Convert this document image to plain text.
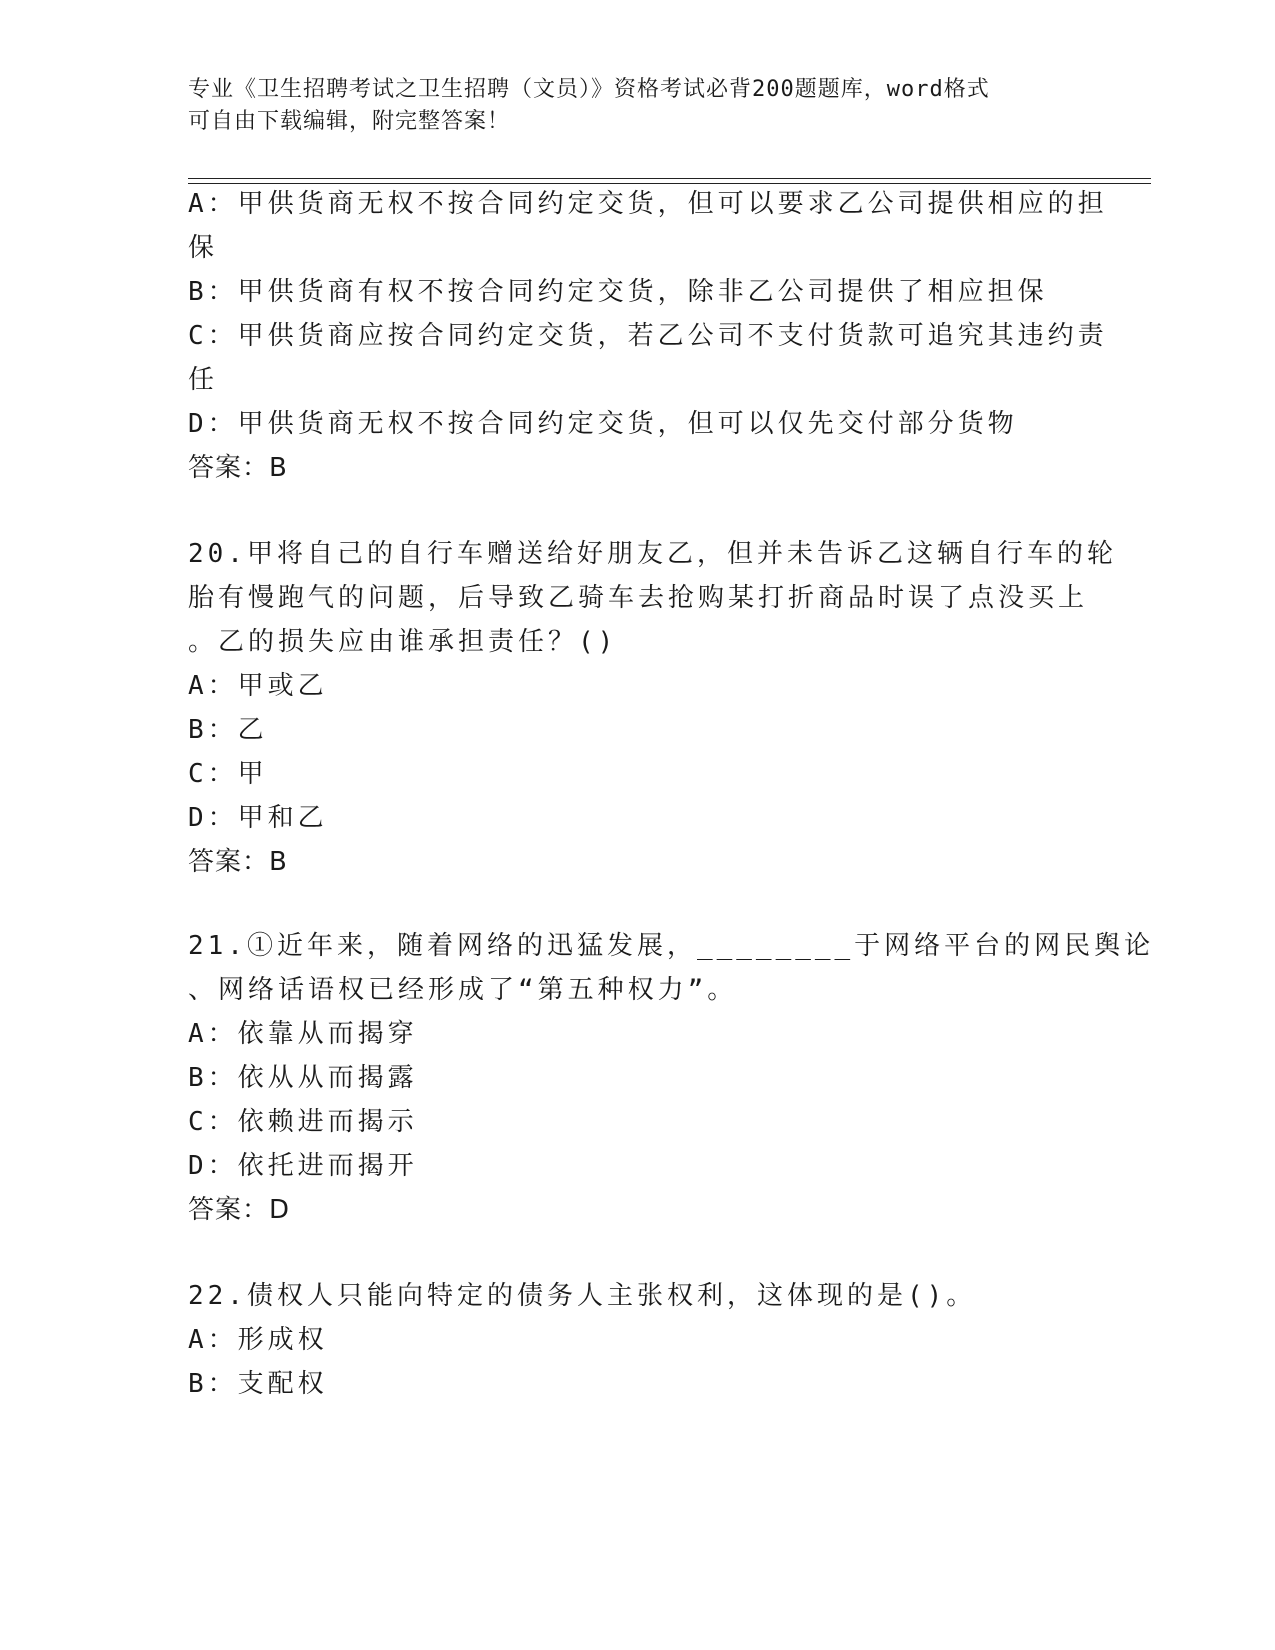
专业《卫生招聘考试之卫生招聘（文员）》资格考试必背200题题库，word格式
可自由下载编辑，附完整答案！
A：甲供货商无权不按合同约定交货，但可以要求乙公司提供相应的担
保
B：甲供货商有权不按合同约定交货，除非乙公司提供了相应担保
C：甲供货商应按合同约定交货，若乙公司不支付货款可追究其违约责
任
D：甲供货商无权不按合同约定交货，但可以仅先交付部分货物
答案：B
20.甲将自己的自行车赠送给好朋友乙，但并未告诉乙这辆自行车的轮
胎有慢跑气的问题，后导致乙骑车去抢购某打折商品时误了点没买上
。乙的损失应由谁承担责任？()
A：甲或乙
B：乙
C：甲
D：甲和乙
答案：B
21.①近年来，随着网络的迅猛发展，________于网络平台的网民舆论
、网络话语权已经形成了“第五种权力”。
A：依靠从而揭穿
B：依从从而揭露
C：依赖进而揭示
D：依托进而揭开
答案：D
22.债权人只能向特定的债务人主张权利，这体现的是()。
A：形成权
B：支配权
